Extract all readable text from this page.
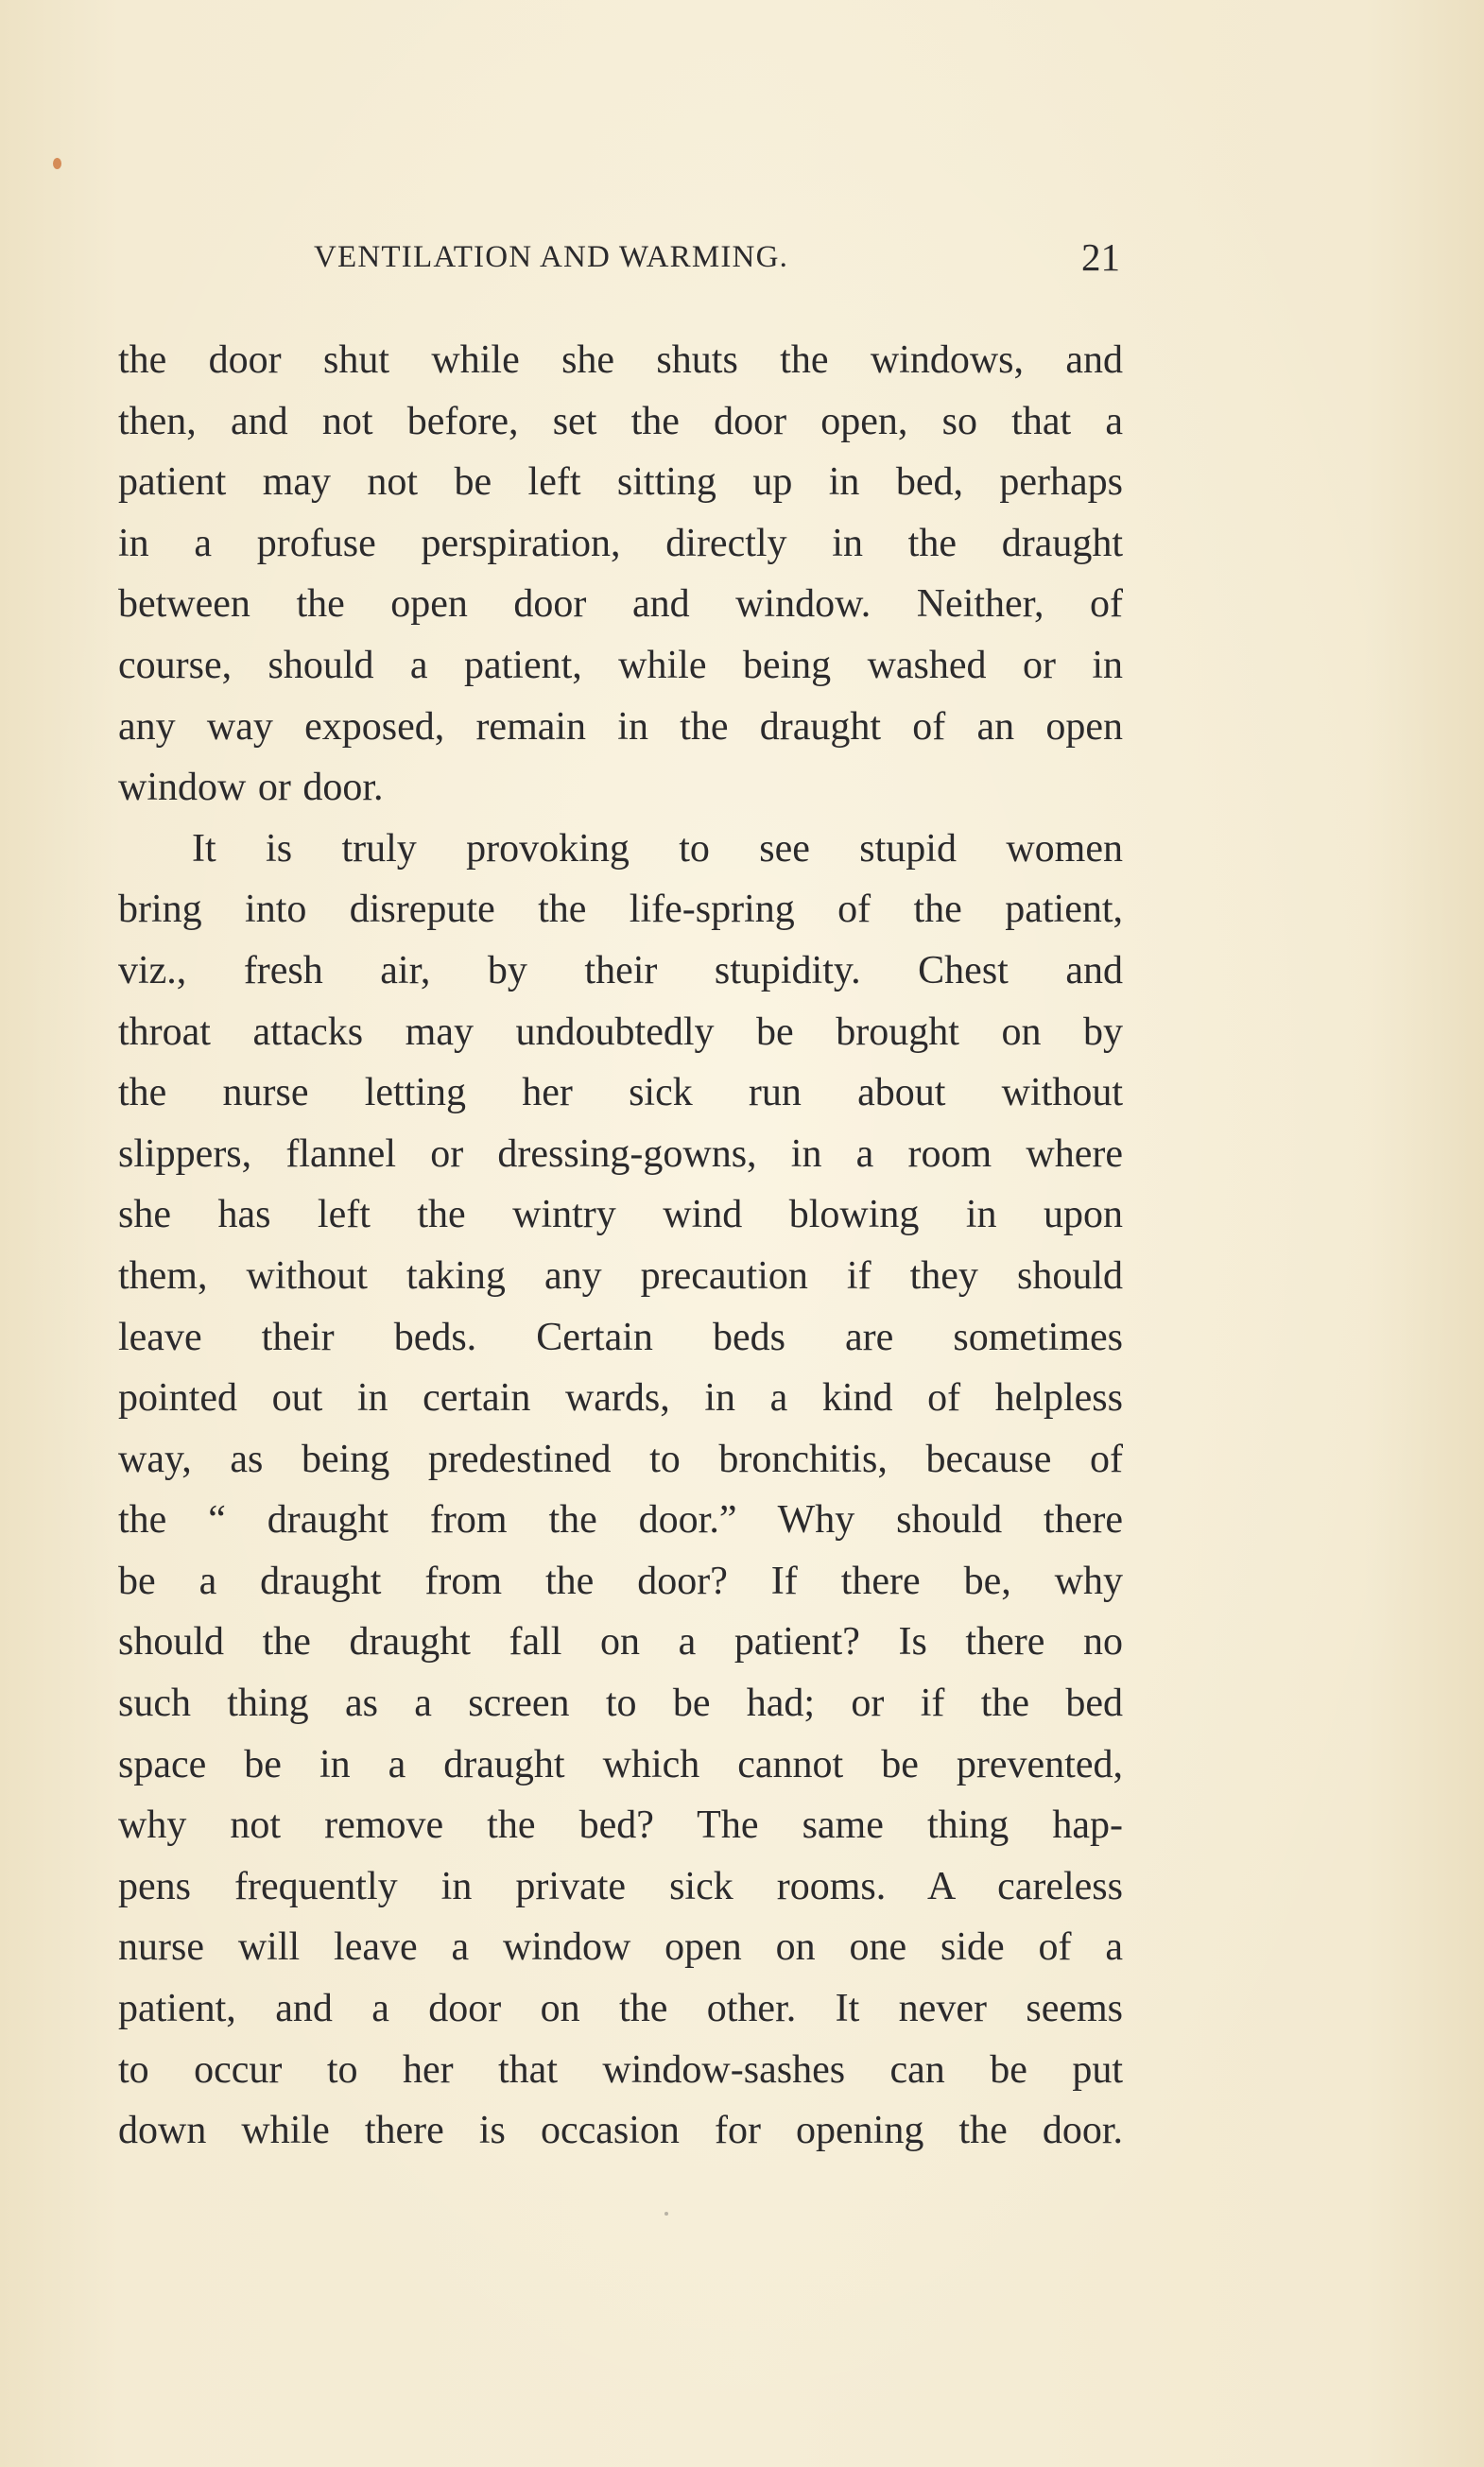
VENTILATION AND WARMING.	21
the door shut while she shuts the windows, and
then, and not before, set the door open, so that a
patient may not be left sitting up in bed, perhaps
in a profuse perspiration, directly in the draught
between the open door and window. Neither, of
course, should a patient, while being washed or in
any way exposed, remain in the draught of an open
window or door.
It is truly provoking to see stupid women
bring into disrepute the life-spring of the patient,
viz., fresh air, by their stupidity. Chest and
throat attacks may undoubtedly be brought on by
the nurse letting her sick run about without
slippers, flannel or dressing-gowns, in a room where
she has left the wintry wind blowing in upon
them, without taking any precaution if they should
leave their beds. Certain beds are sometimes
pointed out in certain wards, in a kind of helpless
way, as being predestined to bronchitis, because of
the “ draught from the door.” Why should there
be a draught from the door? If there be, why
should the draught fall on a patient? Is there no
such thing as a screen to be had; or if the bed
space be in a draught which cannot be prevented,
why not remove the bed? The same thing hap-
pens frequently in private sick rooms. A careless
nurse will leave a window open on one side of a
patient, and a door on the other. It never seems
to occur to her that window-sashes can be put
down while there is occasion for opening the door.
